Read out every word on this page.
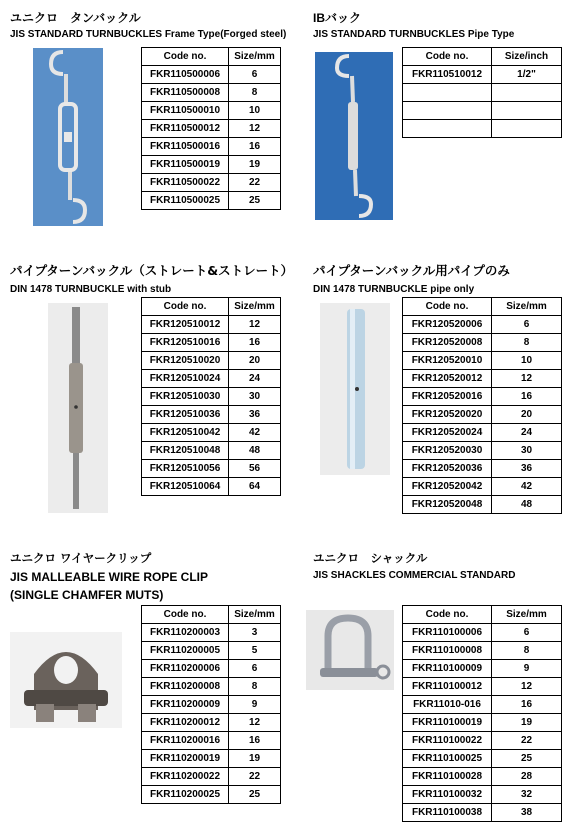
ユニクロ　タンバックル
JIS STANDARD TURNBUCKLES Frame Type(Forged steel)
Code no.	Size/mm
FKR110500006	6
FKR110500008	8
FKR110500010	10
FKR110500012	12
FKR110500016	16
FKR110500019	19
FKR110500022	22
FKR110500025	25
IBバック
JIS STANDARD TURNBUCKLES Pipe Type
Code no.	Size/inch
FKR110510012	1/2"

パイプターンバックル（ストレート&ストレート）
DIN 1478 TURNBUCKLE with stub
Code no.	Size/mm
FKR120510012	12
FKR120510016	16
FKR120510020	20
FKR120510024	24
FKR120510030	30
FKR120510036	36
FKR120510042	42
FKR120510048	48
FKR120510056	56
FKR120510064	64
パイプターンバックル用パイプのみ
DIN 1478 TURNBUCKLE pipe only
Code no.	Size/mm
FKR120520006	6
FKR120520008	8
FKR120520010	10
FKR120520012	12
FKR120520016	16
FKR120520020	20
FKR120520024	24
FKR120520030	30
FKR120520036	36
FKR120520042	42
FKR120520048	48
ユニクロ ワイヤークリップ
JIS MALLEABLE WIRE ROPE CLIP
(SINGLE CHAMFER MUTS)
Code no.	Size/mm
FKR110200003	3
FKR110200005	5
FKR110200006	6
FKR110200008	8
FKR110200009	9
FKR110200012	12
FKR110200016	16
FKR110200019	19
FKR110200022	22
FKR110200025	25
ユニクロ　シャックル
JIS SHACKLES COMMERCIAL STANDARD
Code no.	Size/mm
FKR110100006	6
FKR110100008	8
FKR110100009	9
FKR110100012	12
FKR11010-016	16
FKR110100019	19
FKR110100022	22
FKR110100025	25
FKR110100028	28
FKR110100032	32
FKR110100038	38
